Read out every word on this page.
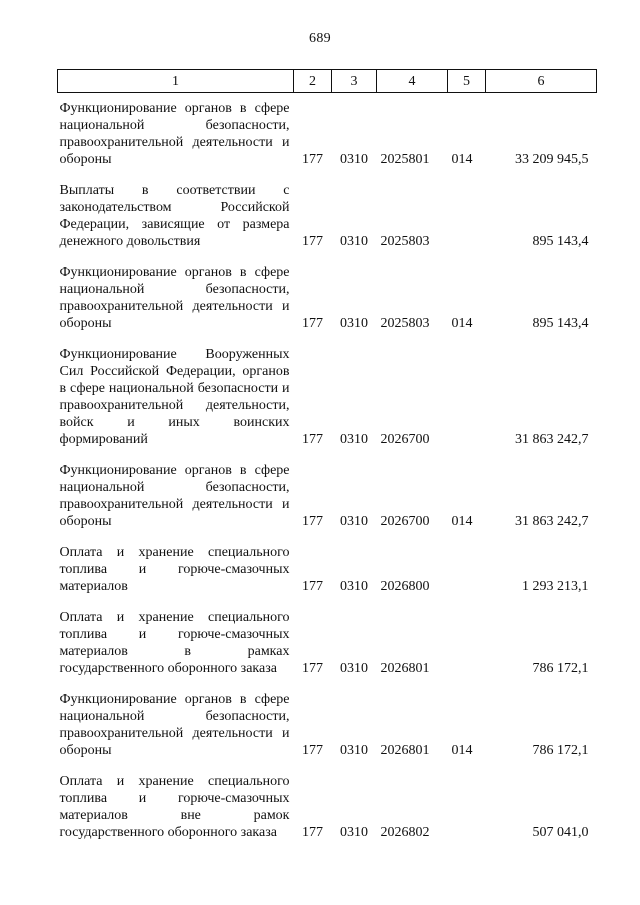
689
1	2	3	4	5	6
Функционирование органов в сфере национальной безопасности, правоохранительной деятельности и обороны	177	0310	2025801	014	33 209 945,5
Выплаты в соответствии с законодательством Российской Федерации, зависящие от размера денежного довольствия	177	0310	2025803		895 143,4
Функционирование органов в сфере национальной безопасности, правоохранительной деятельности и обороны	177	0310	2025803	014	895 143,4
Функционирование Вооруженных Сил Российской Федерации, органов в сфере национальной безопасности и правоохранительной деятельности, войск и иных воинских формирований	177	0310	2026700		31 863 242,7
Функционирование органов в сфере национальной безопасности, правоохранительной деятельности и обороны	177	0310	2026700	014	31 863 242,7
Оплата и хранение специального топлива и горюче-смазочных материалов	177	0310	2026800		1 293 213,1
Оплата и хранение специального топлива и горюче-смазочных материалов в рамках государственного оборонного заказа	177	0310	2026801		786 172,1
Функционирование органов в сфере национальной безопасности, правоохранительной деятельности и обороны	177	0310	2026801	014	786 172,1
Оплата и хранение специального топлива и горюче-смазочных материалов вне рамок государственного оборонного заказа	177	0310	2026802		507 041,0
